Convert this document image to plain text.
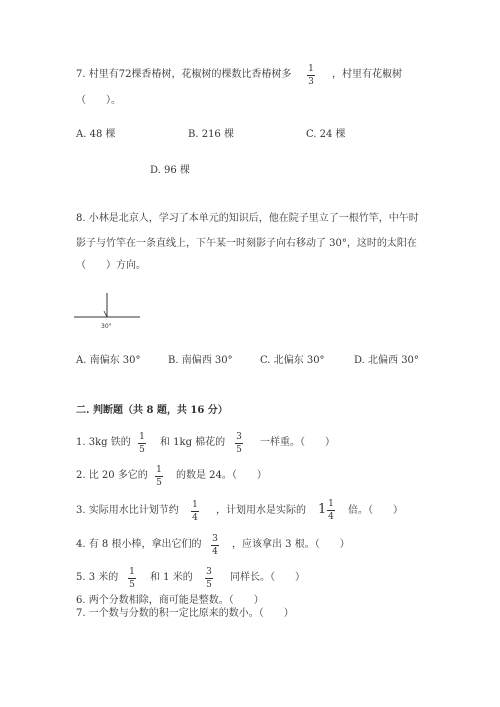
7. 村里有72棵香椿树，花椒树的棵数比香椿树多 1
3
，村里有花椒树
（　　）。
A. 48 棵	B. 216 棵	C. 24 棵
D. 96 棵
8. 小林是北京人，学习了本单元的知识后，他在院子里立了一根竹竿，中午时
影子与竹竿在一条直线上，下午某一时刻影子向右移动了 30°，这时的太阳在
（　　）方向。
30°
A. 南偏东 30°	B. 南偏西 30°	C. 北偏东 30°	D. 北偏西 30°
二. 判断题（共 8 题，共 16 分）
1. 3kg 铁的 1
5
和 1kg 棉花的 3
5
一样重。（　　）
2. 比 20 多它的 1
5
的数是 24。（　　）
3. 实际用水比计划节约 1
4
，计划用水是实际的 1 1
4
倍。（　　）
4. 有 8 根小棒，拿出它们的 3
4
，应该拿出 3 根。（　　）
5. 3 米的 1
5
和 1 米的 3
5
同样长。（　　）
6. 两个分数相除，商可能是整数。（　　）
7. 一个数与分数的积一定比原来的数小。（　　）
